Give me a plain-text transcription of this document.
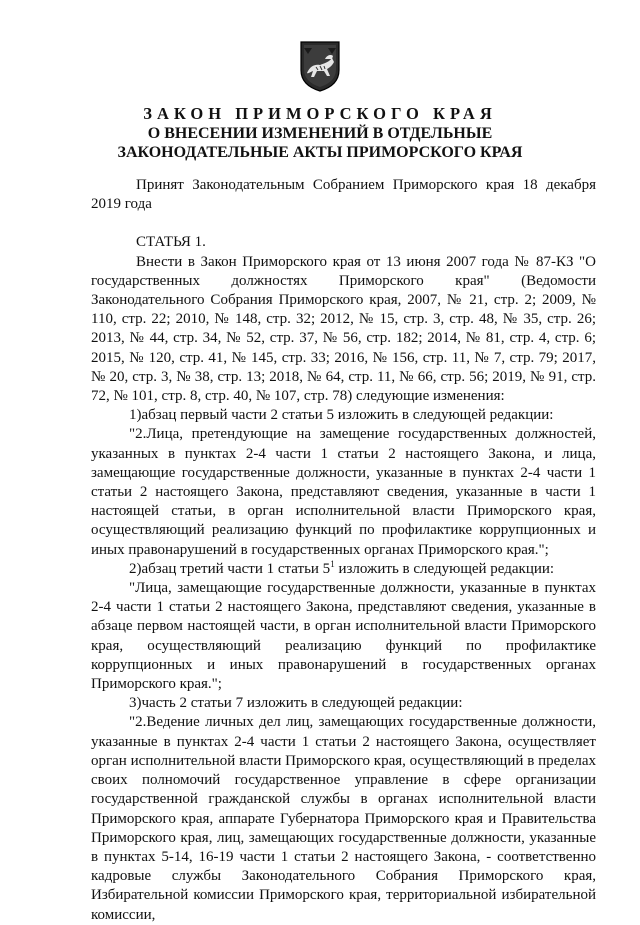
ЗАКОН ПРИМОРСКОГО КРАЯ
О ВНЕСЕНИИ ИЗМЕНЕНИЙ В ОТДЕЛЬНЫЕ
ЗАКОНОДАТЕЛЬНЫЕ АКТЫ ПРИМОРСКОГО КРАЯ

Принят Законодательным Собранием Приморского края 18 декабря 2019 года

СТАТЬЯ 1.

Внести в Закон Приморского края от 13 июня 2007 года № 87-КЗ "О государственных должностях Приморского края" (Ведомости Законодательного Собрания Приморского края, 2007, № 21, стр. 2; 2009, № 110, стр. 22; 2010, № 148, стр. 32; 2012, № 15, стр. 3, стр. 48, № 35, стр. 26; 2013, № 44, стр. 34, № 52, стр. 37, № 56, стр. 182; 2014, № 81, стр. 4, стр. 6; 2015, № 120, стр. 41, № 145, стр. 33; 2016, № 156, стр. 11, № 7, стр. 79; 2017, № 20, стр. 3, № 38, стр. 13; 2018, № 64, стр. 11, № 66, стр. 56; 2019, № 91, стр. 72, № 101, стр. 8, стр. 40, № 107, стр. 78) следующие изменения:

1)абзац первый части 2 статьи 5 изложить в следующей редакции:

"2.Лица, претендующие на замещение государственных должностей, указанных в пунктах 2-4 части 1 статьи 2 настоящего Закона, и лица, замещающие государственные должности, указанные в пунктах 2-4 части 1 статьи 2 настоящего Закона, представляют сведения, указанные в части 1 настоящей статьи, в орган исполнительной власти Приморского края, осуществляющий реализацию функций по профилактике коррупционных и иных правонарушений в государственных органах Приморского края.";

2)абзац третий части 1 статьи $5^1$ изложить в следующей редакции:

"Лица, замещающие государственные должности, указанные в пунктах 2-4 части 1 статьи 2 настоящего Закона, представляют сведения, указанные в абзаце первом настоящей части, в орган исполнительной власти Приморского края, осуществляющий реализацию функций по профилактике коррупционных и иных правонарушений в государственных органах Приморского края.";

3)часть 2 статьи 7 изложить в следующей редакции:

"2.Ведение личных дел лиц, замещающих государственные должности, указанные в пунктах 2-4 части 1 статьи 2 настоящего Закона, осуществляет орган исполнительной власти Приморского края, осуществляющий в пределах своих полномочий государственное управление в сфере организации государственной гражданской службы в органах исполнительной власти Приморского края, аппарате Губернатора Приморского края и Правительства Приморского края, лиц, замещающих государственные должности, указанные в пунктах 5-14, 16-19 части 1 статьи 2 настоящего Закона, - соответственно кадровые службы Законодательного Собрания Приморского края, Избирательной комиссии Приморского края, территориальной избирательной комиссии,
